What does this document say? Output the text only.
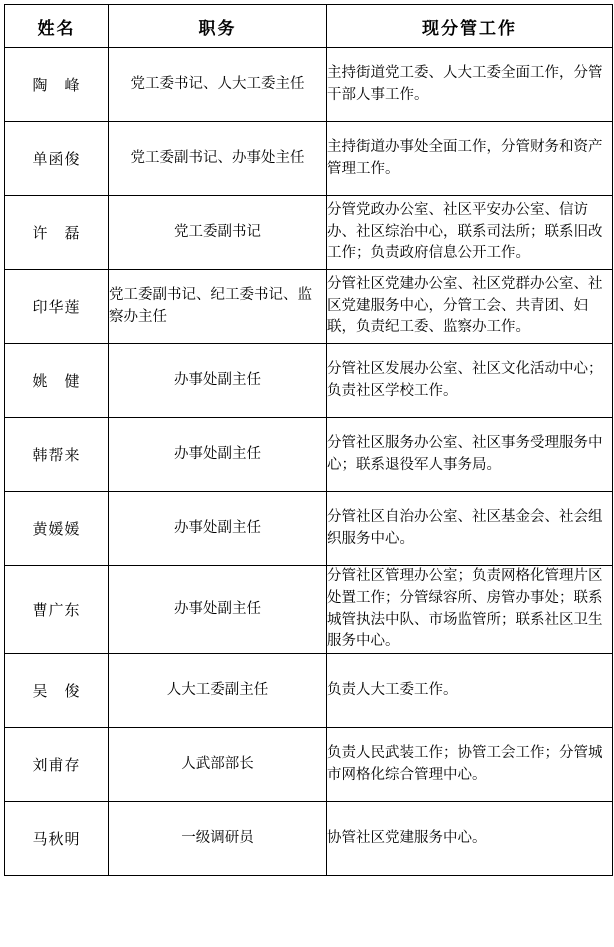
姓名	职务	现分管工作
陶　峰	党工委书记、人大工委主任	主持街道党工委、人大工委全面工作，分管干部人事工作。
单函俊	党工委副书记、办事处主任	主持街道办事处全面工作，分管财务和资产管理工作。
许　磊	党工委副书记	分管党政办公室、社区平安办公室、信访办、社区综治中心，联系司法所；联系旧改工作；负责政府信息公开工作。
印华莲	党工委副书记、纪工委书记、监察办主任	分管社区党建办公室、社区党群办公室、社区党建服务中心，分管工会、共青团、妇联，负责纪工委、监察办工作。
姚　健	办事处副主任	分管社区发展办公室、社区文化活动中心；负责社区学校工作。
韩帮来	办事处副主任	分管社区服务办公室、社区事务受理服务中心；联系退役军人事务局。
黄媛媛	办事处副主任	分管社区自治办公室、社区基金会、社会组织服务中心。
曹广东	办事处副主任	分管社区管理办公室；负责网格化管理片区处置工作；分管绿容所、房管办事处；联系城管执法中队、市场监管所；联系社区卫生服务中心。
吴　俊	人大工委副主任	负责人大工委工作。
刘甫存	人武部部长	负责人民武装工作；协管工会工作；分管城市网格化综合管理中心。
马秋明	一级调研员	协管社区党建服务中心。
